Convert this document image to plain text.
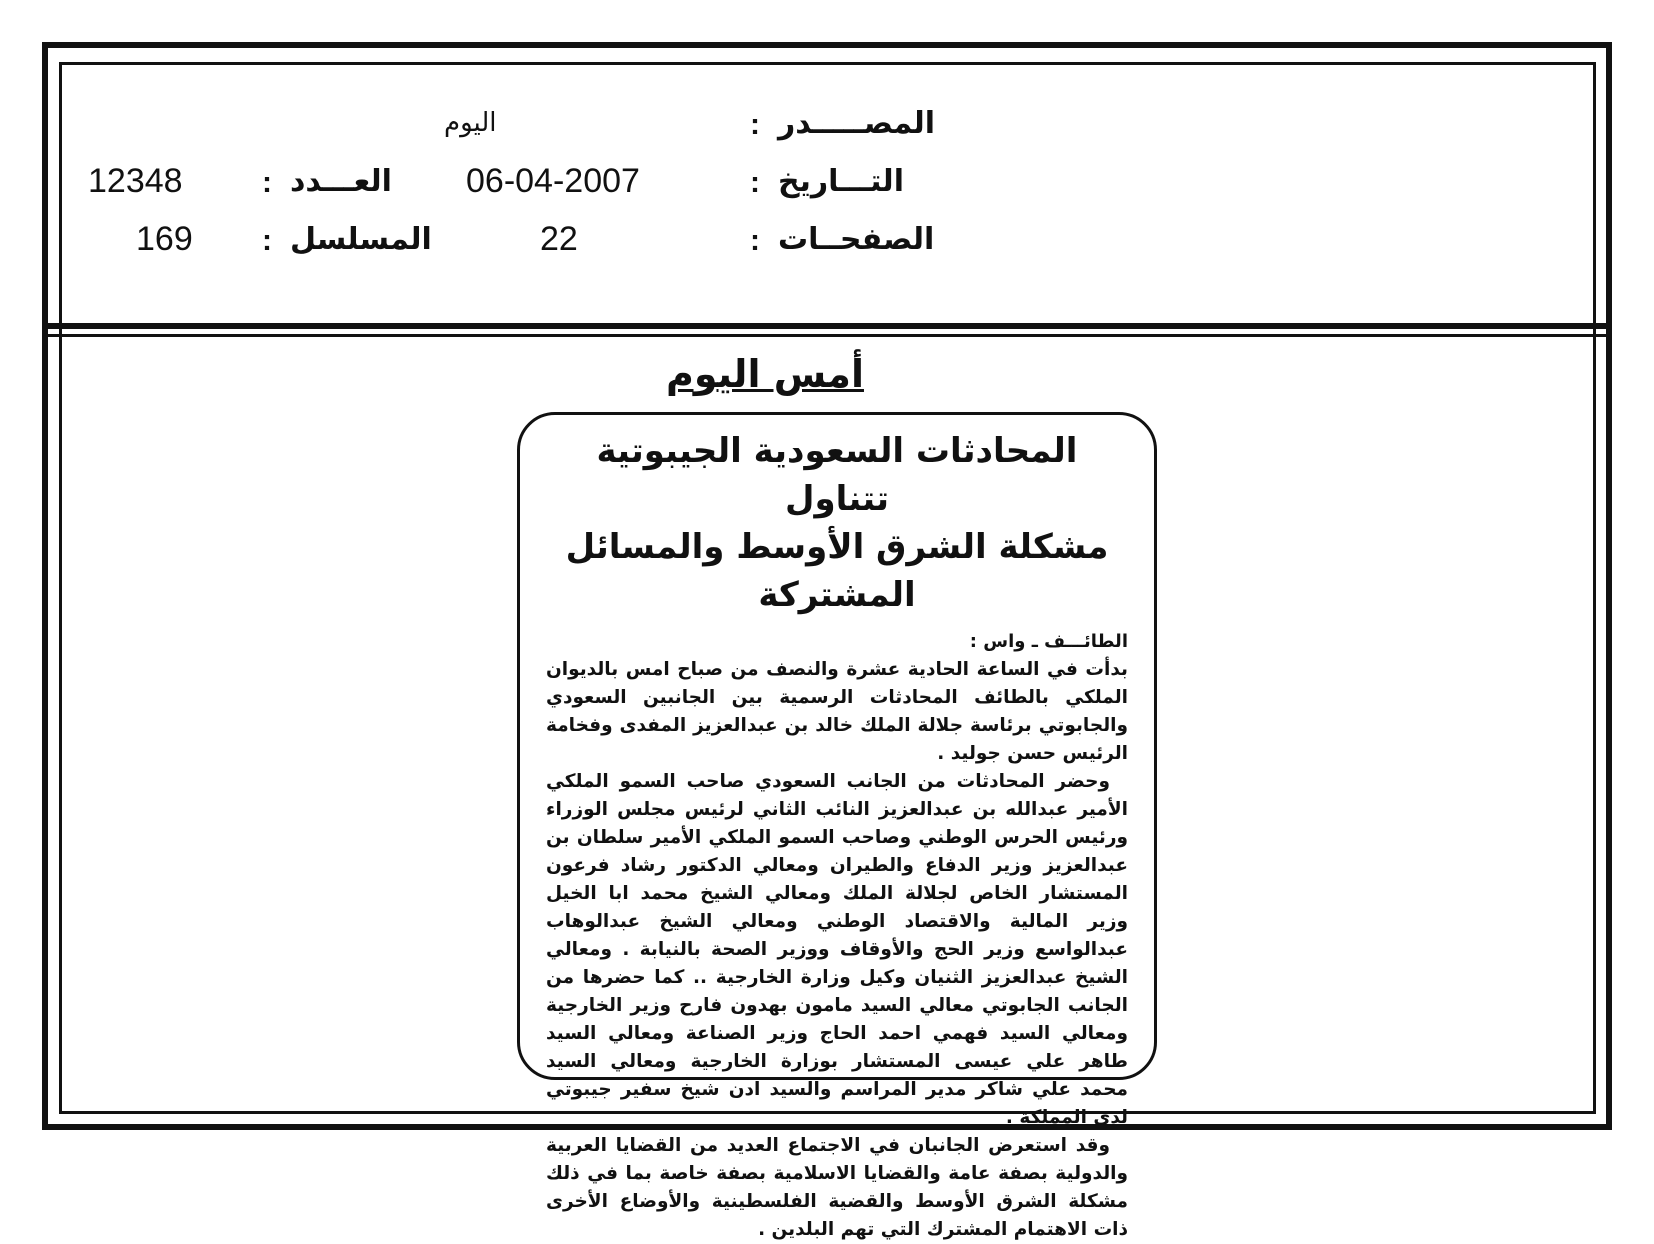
المصـــــدر
:
اليوم
التـــاريخ
:
06-04-2007
العـــدد
:
12348
الصفحــات
:
22
المسلسل
:
169
أمس اليوم

المحادثات السعودية الجيبوتية تتناول

مشكلة الشرق الأوسط والمسائل المشتركة

الطائـــف ـ واس :

بدأت في الساعة الحادية عشرة والنصف من صباح امس بالديوان الملكي بالطائف المحادثات الرسمية بين الجانبين السعودي والجابوتي برئاسة جلالة الملك خالد بن عبدالعزيز المفدى وفخامة الرئيس حسن جوليد .

وحضر المحادثات من الجانب السعودي صاحب السمو الملكي الأمير عبدالله بن عبدالعزيز النائب الثاني لرئيس مجلس الوزراء ورئيس الحرس الوطني وصاحب السمو الملكي الأمير سلطان بن عبدالعزيز وزير الدفاع والطيران ومعالي الدكتور رشاد فرعون المستشار الخاص لجلالة الملك ومعالي الشيخ محمد ابا الخيل وزير المالية والاقتصاد الوطني ومعالي الشيخ عبدالوهاب عبدالواسع وزير الحج والأوقاف ووزير الصحة بالنيابة . ومعالي الشيخ عبدالعزيز الثنيان وكيل وزارة الخارجية .. كما حضرها من الجانب الجابوتي معالي السيد مامون بهدون فارح وزير الخارجية ومعالي السيد فهمي احمد الحاج وزير الصناعة ومعالي السيد طاهر علي عيسى المستشار بوزارة الخارجية ومعالي السيد محمد علي شاكر مدير المراسم والسيد ادن شيخ سفير جيبوتي لدى المملكة .

وقد استعرض الجانبان في الاجتماع العديد من القضايا العربية والدولية بصفة عامة والقضايا الاسلامية بصفة خاصة بما في ذلك مشكلة الشرق الأوسط والقضية الفلسطينية والأوضاع الأخرى ذات الاهتمام المشترك التي تهم البلدين .
